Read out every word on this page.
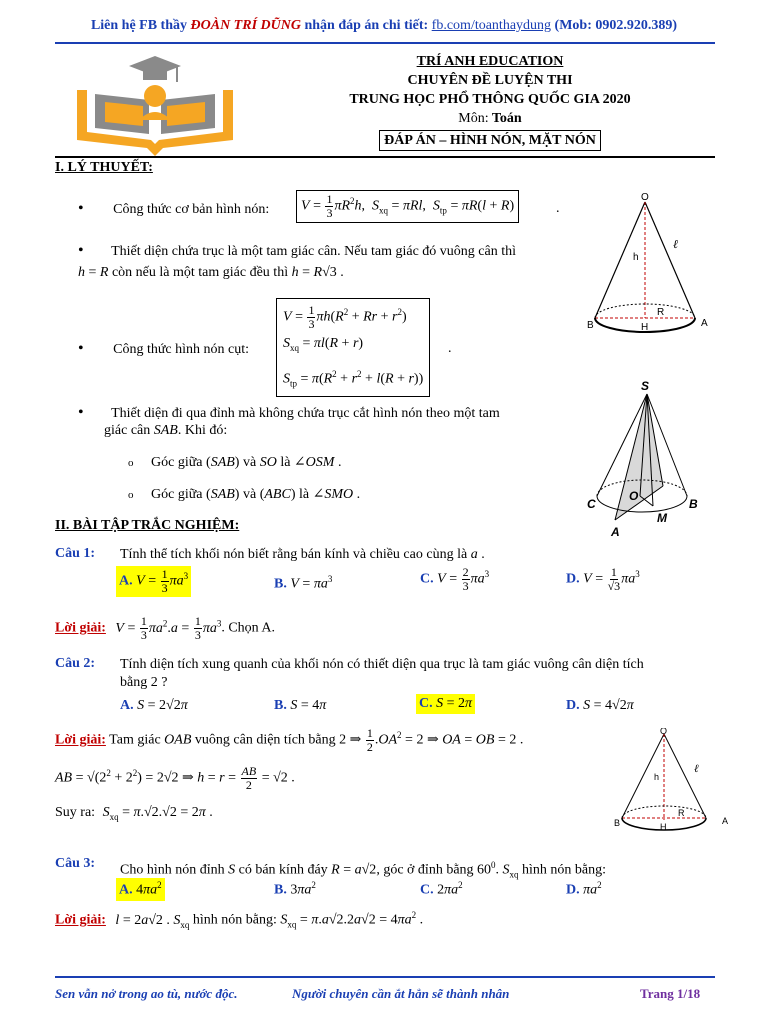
Liên hệ FB thầy ĐOÀN TRÍ DŨNG nhận đáp án chi tiết: fb.com/toanthaydung (Mob: 0902.920.389)
TRÍ ANH EDUCATION
CHUYÊN ĐỀ LUYỆN THI
TRUNG HỌC PHỔ THÔNG QUỐC GIA 2020
Môn: Toán
ĐÁP ÁN – HÌNH NÓN, MẶT NÓN
I. LÝ THUYẾT:
• Công thức cơ bản hình nón:	$V = \frac{1}{3} \pi R^2h$,  $S_{xq} = \pi Rl$,  $S_{tp} = \pi R(l + R)$	.
• Thiết diện chứa trục là một tam giác cân. Nếu tam giác đó vuông cân thì
h = R còn nếu là một tam giác đều thì h = R√3 .
• Công thức hình nón cụt:
$V = \frac{1}{3} \pi h(R^2 + Rr + r^2)$
$S_{xq} = \pi l(R + r)$
$S_{tp} = \pi(R^2 + r^2 + l(R + r))$
.
• Thiết diện đi qua đỉnh mà không chứa trục cắt hình nón theo một tam
giác cân SAB. Khi đó:
o Góc giữa (SAB) và SO là ∠OSM .
o Góc giữa (SAB) và (ABC) là ∠SMO .
O
ℓ
h
R
B	H	A
S
C
O
B
M
A
II. BÀI TẬP TRẮC NGHIỆM:
Câu 1: Tính thể tích khối nón biết rằng bán kính và chiều cao cùng là a .
A. $V = \frac{1}{3} \pi a^3$
B. $V = \pi a^3$	C. $V = \frac{2}{3} \pi a^3$	D. $V = \frac{1}{√3} \pi a^3$
Lời giải: $V = \frac{1}{3} \pi a^2.a = \frac{1}{3} \pi a^3$. Chọn A.
Câu 2: Tính diện tích xung quanh của khối nón có thiết diện qua trục là tam giác vuông cân diện tích
bằng 2 ?
A. S = 2√2π	B. S = 4π	C. S = 2π	D. S = 4√2π
Lời giải: Tam giác OAB vuông cân diện tích bằng 2 ⇒ $\frac{1}{2} .OA^2 = 2$ ⇒ OA = OB = 2 .
AB = $√(2^2 + 2^2) = 2√2$ ⇒ $h = r = \frac{AB}{2} = √2$ .
Suy ra: $S_{xq} = \pi.√2.√2 = 2\pi$ .
O
ℓ
h
R
B	H
A
Câu 3: Cho hình nón đỉnh S có bán kính đáy R = a√2, góc ở đỉnh bằng $60^0$. $S_{xq}$ hình nón bằng:
A. $4\pi a^2$	B. $3\pi a^2$	C. $2\pi a^2$	D. $\pi a^2$
Lời giải: l = 2a√2 . $S_{xq}$ hình nón bằng: $S_{xq} = \pi.a√2.2a√2 = 4\pi a^2$ .
Sen vẫn nở trong ao tù, nước độc.	Người chuyên cần ắt hẳn sẽ thành nhân	Trang 1/18
